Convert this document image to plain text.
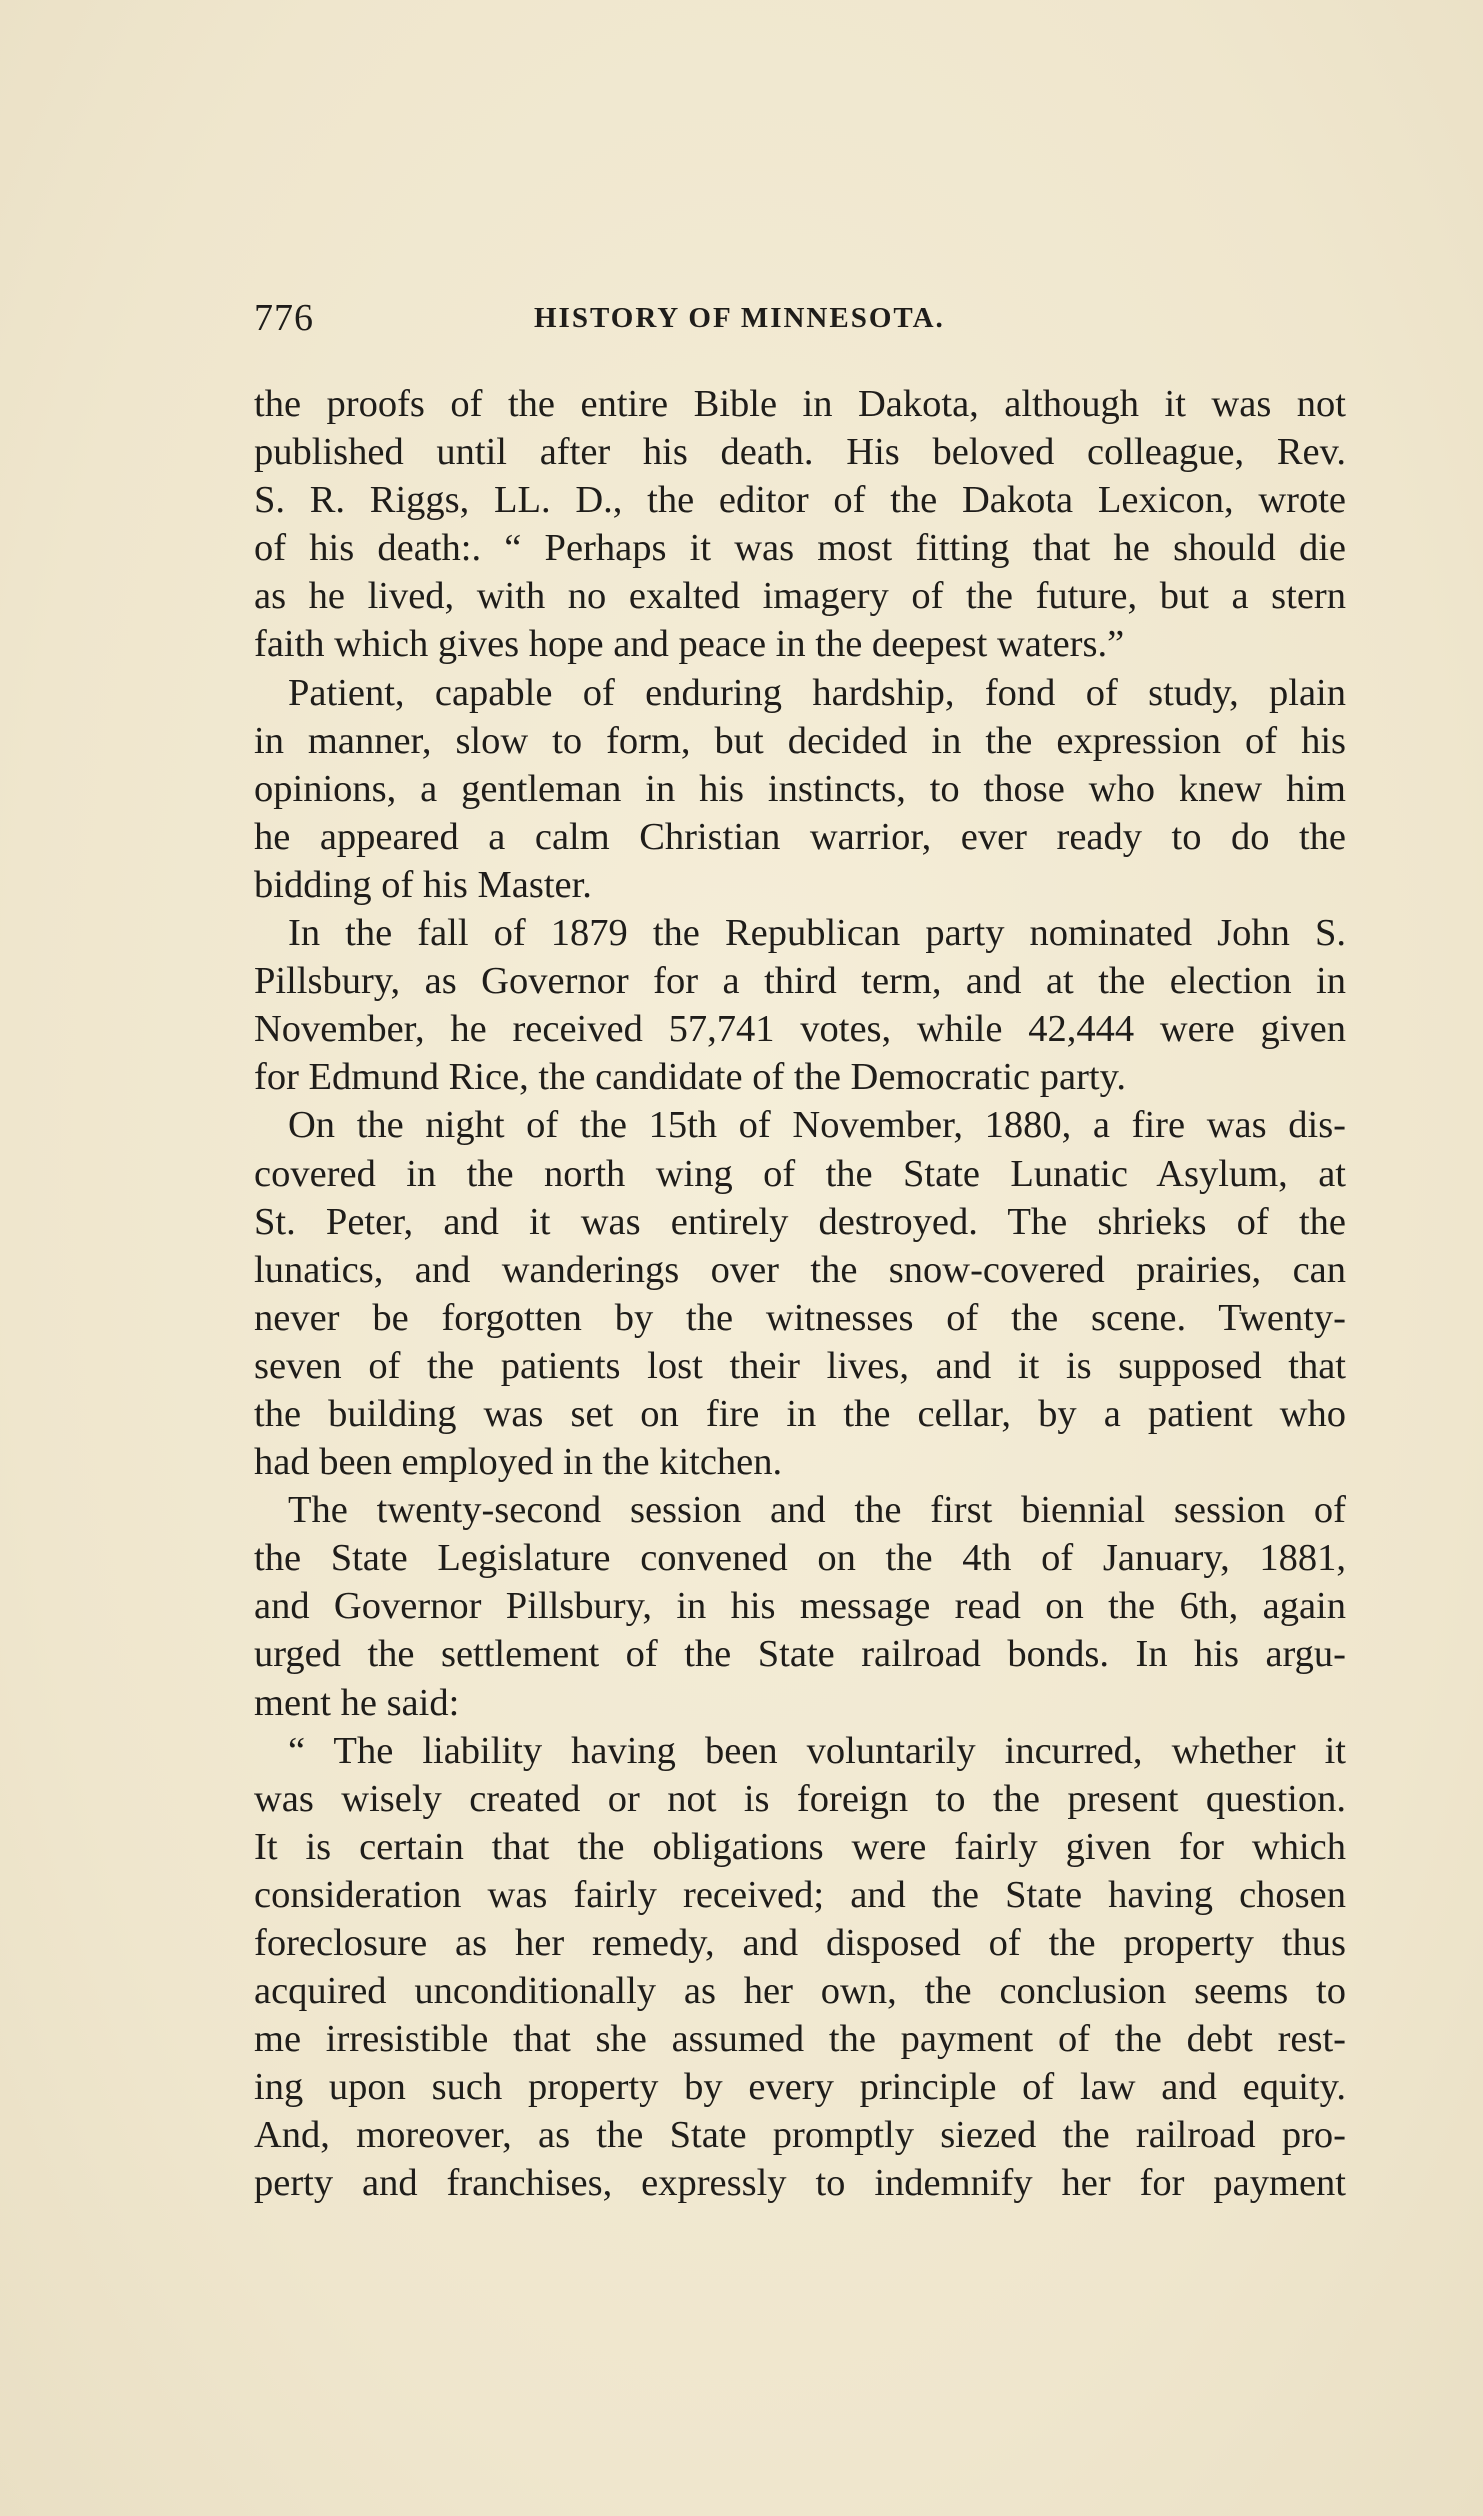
776	HISTORY OF MINNESOTA.
the proofs of the entire Bible in Dakota, although it was not
published until after his death. His beloved colleague, Rev.
S. R. Riggs, LL. D., the editor of the Dakota Lexicon, wrote
of his death:. “ Perhaps it was most fitting that he should die
as he lived, with no exalted imagery of the future, but a stern
faith which gives hope and peace in the deepest waters.”
Patient, capable of enduring hardship, fond of study, plain
in manner, slow to form, but decided in the expression of his
opinions, a gentleman in his instincts, to those who knew him
he appeared a calm Christian warrior, ever ready to do the
bidding of his Master.
In the fall of 1879 the Republican party nominated John S.
Pillsbury, as Governor for a third term, and at the election in
November, he received 57,741 votes, while 42,444 were given
for Edmund Rice, the candidate of the Democratic party.
On the night of the 15th of November, 1880, a fire was dis-
covered in the north wing of the State Lunatic Asylum, at
St. Peter, and it was entirely destroyed. The shrieks of the
lunatics, and wanderings over the snow-covered prairies, can
never be forgotten by the witnesses of the scene. Twenty-
seven of the patients lost their lives, and it is supposed that
the building was set on fire in the cellar, by a patient who
had been employed in the kitchen.
The twenty-second session and the first biennial session of
the State Legislature convened on the 4th of January, 1881,
and Governor Pillsbury, in his message read on the 6th, again
urged the settlement of the State railroad bonds. In his argu-
ment he said:
“ The liability having been voluntarily incurred, whether it
was wisely created or not is foreign to the present question.
It is certain that the obligations were fairly given for which
consideration was fairly received; and the State having chosen
foreclosure as her remedy, and disposed of the property thus
acquired unconditionally as her own, the conclusion seems to
me irresistible that she assumed the payment of the debt rest-
ing upon such property by every principle of law and equity.
And, moreover, as the State promptly siezed the railroad pro-
perty and franchises, expressly to indemnify her for payment
